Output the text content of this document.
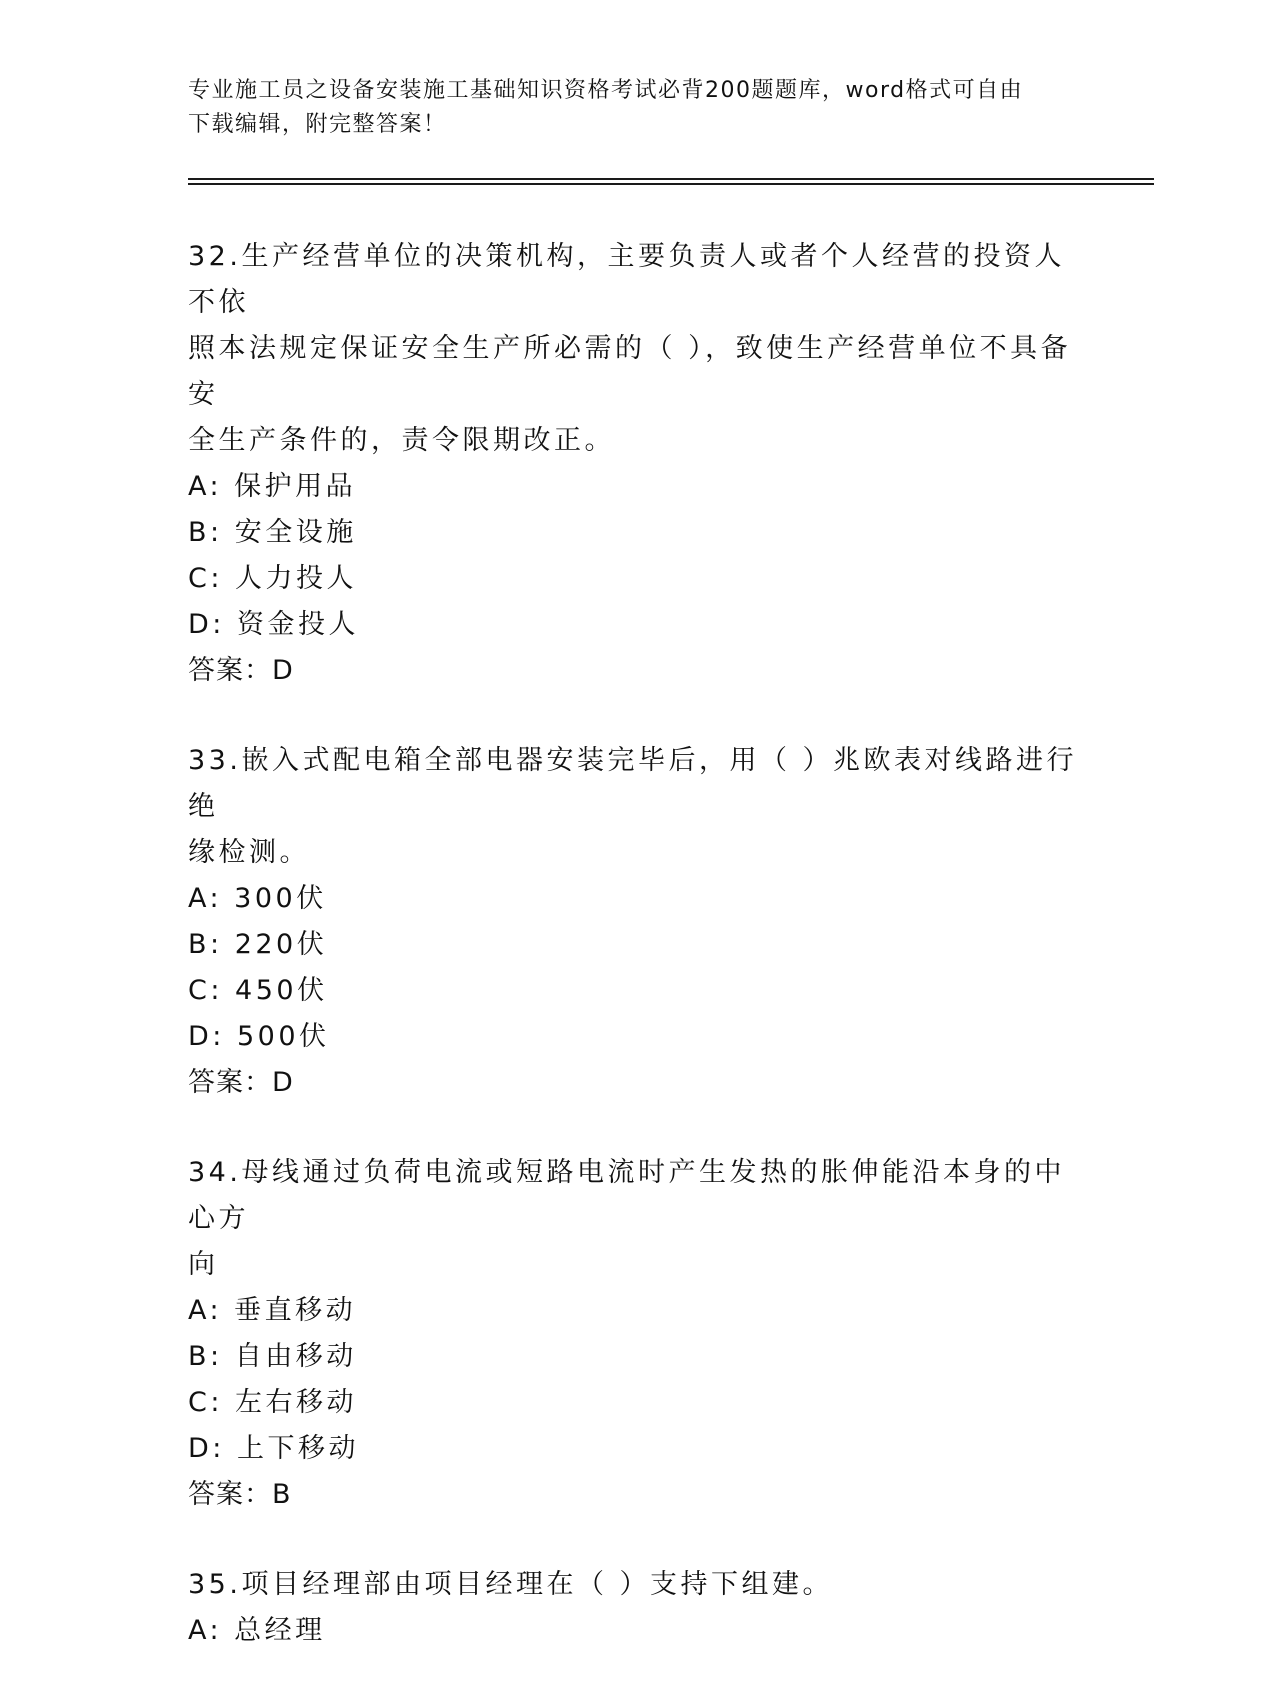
专业施工员之设备安装施工基础知识资格考试必背200题题库，word格式可自由
下载编辑，附完整答案！
32.生产经营单位的决策机构，主要负责人或者个人经营的投资人不依
照本法规定保证安全生产所必需的（ ），致使生产经营单位不具备安
全生产条件的，责令限期改正。
A: 保护用品
B: 安全设施
C: 人力投人
D: 资金投人
答案：D
33.嵌入式配电箱全部电器安装完毕后，用（ ）兆欧表对线路进行绝
缘检测。
A: 300伏
B: 220伏
C: 450伏
D: 500伏
答案：D
34.母线通过负荷电流或短路电流时产生发热的胀伸能沿本身的中心方
向
A: 垂直移动
B: 自由移动
C: 左右移动
D: 上下移动
答案：B
35.项目经理部由项目经理在（ ）支持下组建。
A: 总经理
